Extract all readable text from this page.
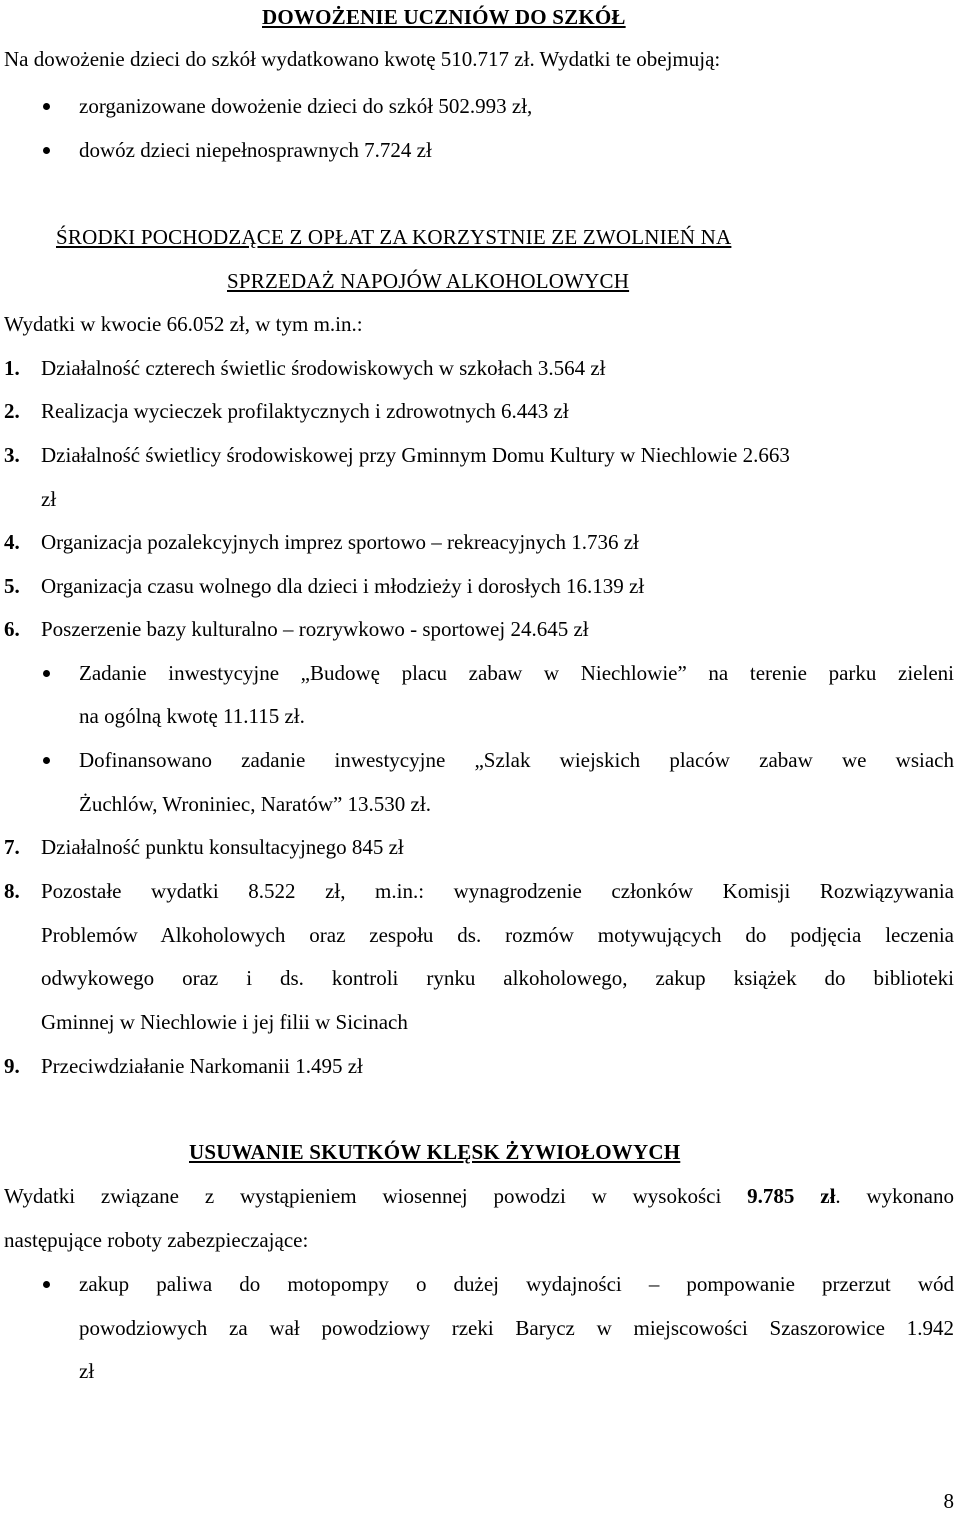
DOWOŻENIE UCZNIÓW DO SZKÓŁ
Na dowożenie dzieci do szkół wydatkowano kwotę 510.717 zł. Wydatki te obejmują:
zorganizowane dowożenie dzieci do szkół 502.993 zł,
dowóz dzieci niepełnosprawnych 7.724 zł
ŚRODKI POCHODZĄCE Z OPŁAT ZA KORZYSTNIE ZE ZWOLNIEŃ NA
SPRZEDAŻ NAPOJÓW ALKOHOLOWYCH
Wydatki w kwocie 66.052 zł, w tym m.in.:
1. Działalność czterech świetlic środowiskowych w szkołach 3.564 zł
2. Realizacja wycieczek profilaktycznych i zdrowotnych 6.443 zł
3. Działalność świetlicy środowiskowej przy Gminnym Domu Kultury w Niechlowie 2.663
zł
4. Organizacja pozalekcyjnych imprez sportowo – rekreacyjnych 1.736 zł
5. Organizacja czasu wolnego dla dzieci i młodzieży i dorosłych 16.139 zł
6. Poszerzenie bazy kulturalno – rozrywkowo - sportowej 24.645 zł
Zadanie inwestycyjne „Budowę placu zabaw w Niechlowie” na terenie parku zieleni
na ogólną kwotę 11.115 zł.
Dofinansowano zadanie inwestycyjne „Szlak wiejskich placów zabaw we wsiach
Żuchlów, Wroniniec, Naratów” 13.530 zł.
7. Działalność punktu konsultacyjnego 845 zł
8. Pozostałe wydatki 8.522 zł, m.in.: wynagrodzenie członków Komisji Rozwiązywania
Problemów Alkoholowych oraz zespołu ds. rozmów motywujących do podjęcia leczenia
odwykowego oraz i ds. kontroli rynku alkoholowego, zakup książek do biblioteki
Gminnej w Niechlowie i jej filii w Sicinach
9. Przeciwdziałanie Narkomanii 1.495 zł
USUWANIE SKUTKÓW KLĘSK ŻYWIOŁOWYCH
Wydatki związane z wystąpieniem wiosennej powodzi w wysokości 9.785 zł. wykonano
następujące roboty zabezpieczające:
zakup paliwa do motopompy o dużej wydajności – pompowanie przerzut wód
powodziowych za wał powodziowy rzeki Barycz w miejscowości Szaszorowice 1.942
zł
8
